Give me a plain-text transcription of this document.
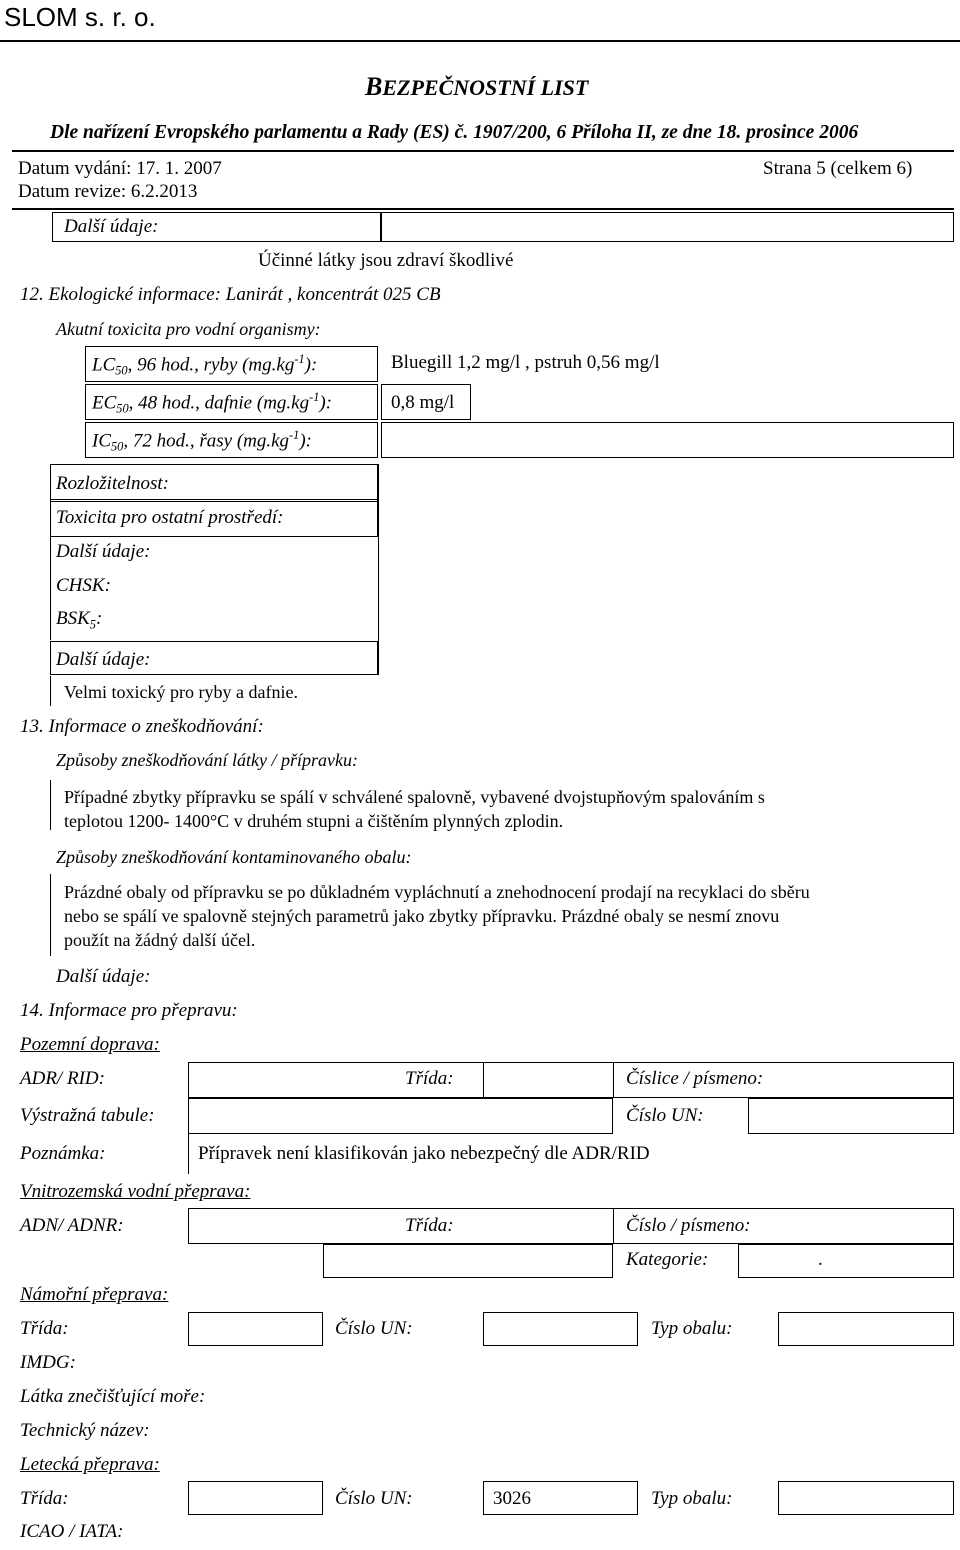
SLOM s. r. o.
BEZPEČNOSTNÍ LIST
Dle nařízení Evropského parlamentu a Rady (ES) č. 1907/200, 6 Příloha II, ze dne 18. prosince 2006
Datum vydání: 17. 1. 2007
Datum revize: 6.2.2013
Strana 5 (celkem 6)
Další údaje:
Účinné látky jsou zdraví škodlivé
12. Ekologické informace: Lanirát , koncentrát 025 CB
Akutní toxicita pro vodní organismy:
$LC_{50}$, 96 hod., ryby $(mg.kg^{-1})$:	Bluegill 1,2 mg/l , pstruh 0,56 mg/l
$EC_{50}$, 48 hod., dafnie $(mg.kg^{-1})$:	0,8 mg/l
$IC_{50}$, 72 hod., řasy $(mg.kg^{-1})$:
Rozložitelnost:
Toxicita pro ostatní prostředí:
Další údaje:
CHSK:
$BSK_5$:
Další údaje:
Velmi toxický pro ryby a dafnie.
13. Informace o zneškodňování:
Způsoby zneškodňování látky / přípravku:
Případné zbytky přípravku se spálí v schválené spalovně, vybavené dvojstupňovým spalováním s
teplotou 1200- 1400°C v druhém stupni a čištěním plynných zplodin.
Způsoby zneškodňování kontaminovaného obalu:
Prázdné obaly od přípravku se po důkladném vypláchnutí a znehodnocení prodají na recyklaci do sběru
nebo se spálí ve spalovně stejných parametrů jako zbytky přípravku. Prázdné obaly se nesmí znovu
použít na žádný další účel.
Další údaje:
14. Informace pro přepravu:
Pozemní doprava:
ADR/ RID:	Třída:	Číslice / písmeno:
Výstražná tabule:	Číslo UN:
Poznámka:	Přípravek není klasifikován jako nebezpečný dle ADR/RID
Vnitrozemská vodní přeprava:
ADN/ ADNR:	Třída:	Číslo / písmeno:
Kategorie:	.
Námořní přeprava:
Třída:	Číslo UN:	Typ obalu:
IMDG:
Látka znečišťující moře:
Technický název:
Letecká přeprava:
Třída:	Číslo UN:	3026	Typ obalu:
ICAO / IATA:
